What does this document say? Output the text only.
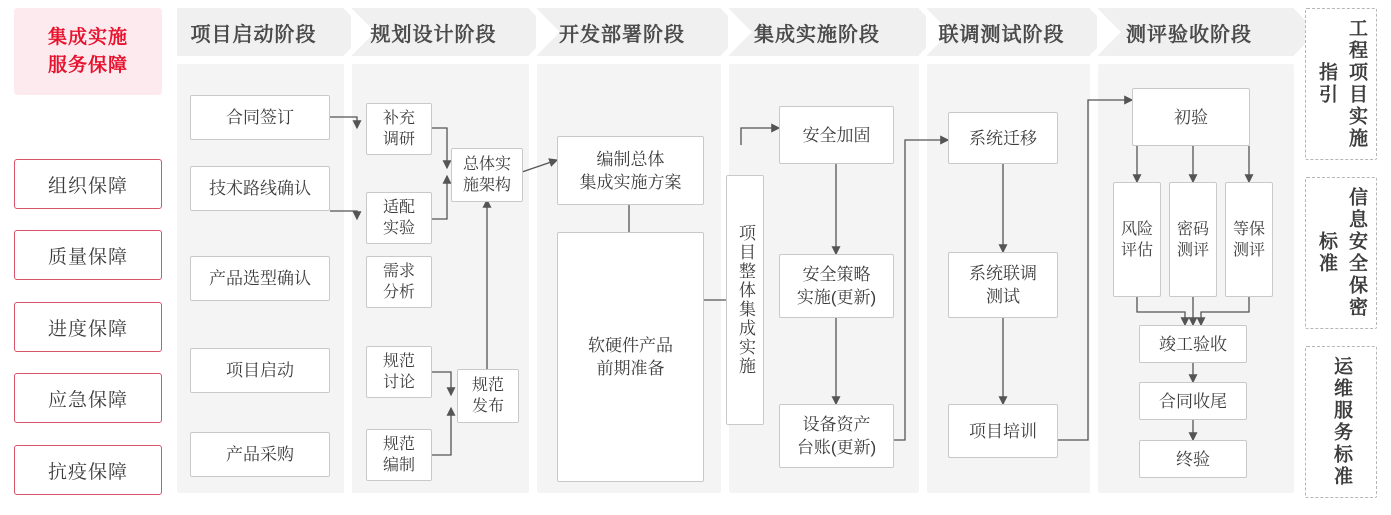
集成实施
服务保障
组织保障
质量保障
进度保障
应急保障
抗疫保障
项目启动阶段	规划设计阶段	开发部署阶段	集成实施阶段	联调测试阶段	测评验收阶段
合同签订
技术路线确认
产品选型确认
项目启动
产品采购
补充
调研
适配
实验
需求
分析
规范
讨论
规范
编制
总体实
施架构
规范
发布
编制总体
集成实施方案
软硬件产品
前期准备	项目整体集成实施
安全加固
安全策略
实施(更新)
设备资产
台账(更新)
系统迁移
系统联调
测试
项目培训
初验
风险
评估
密码
测评
等保
测评
竣工验收
合同收尾
终验
工程项目实施指引
信息安全保密标准
运维服务标准
